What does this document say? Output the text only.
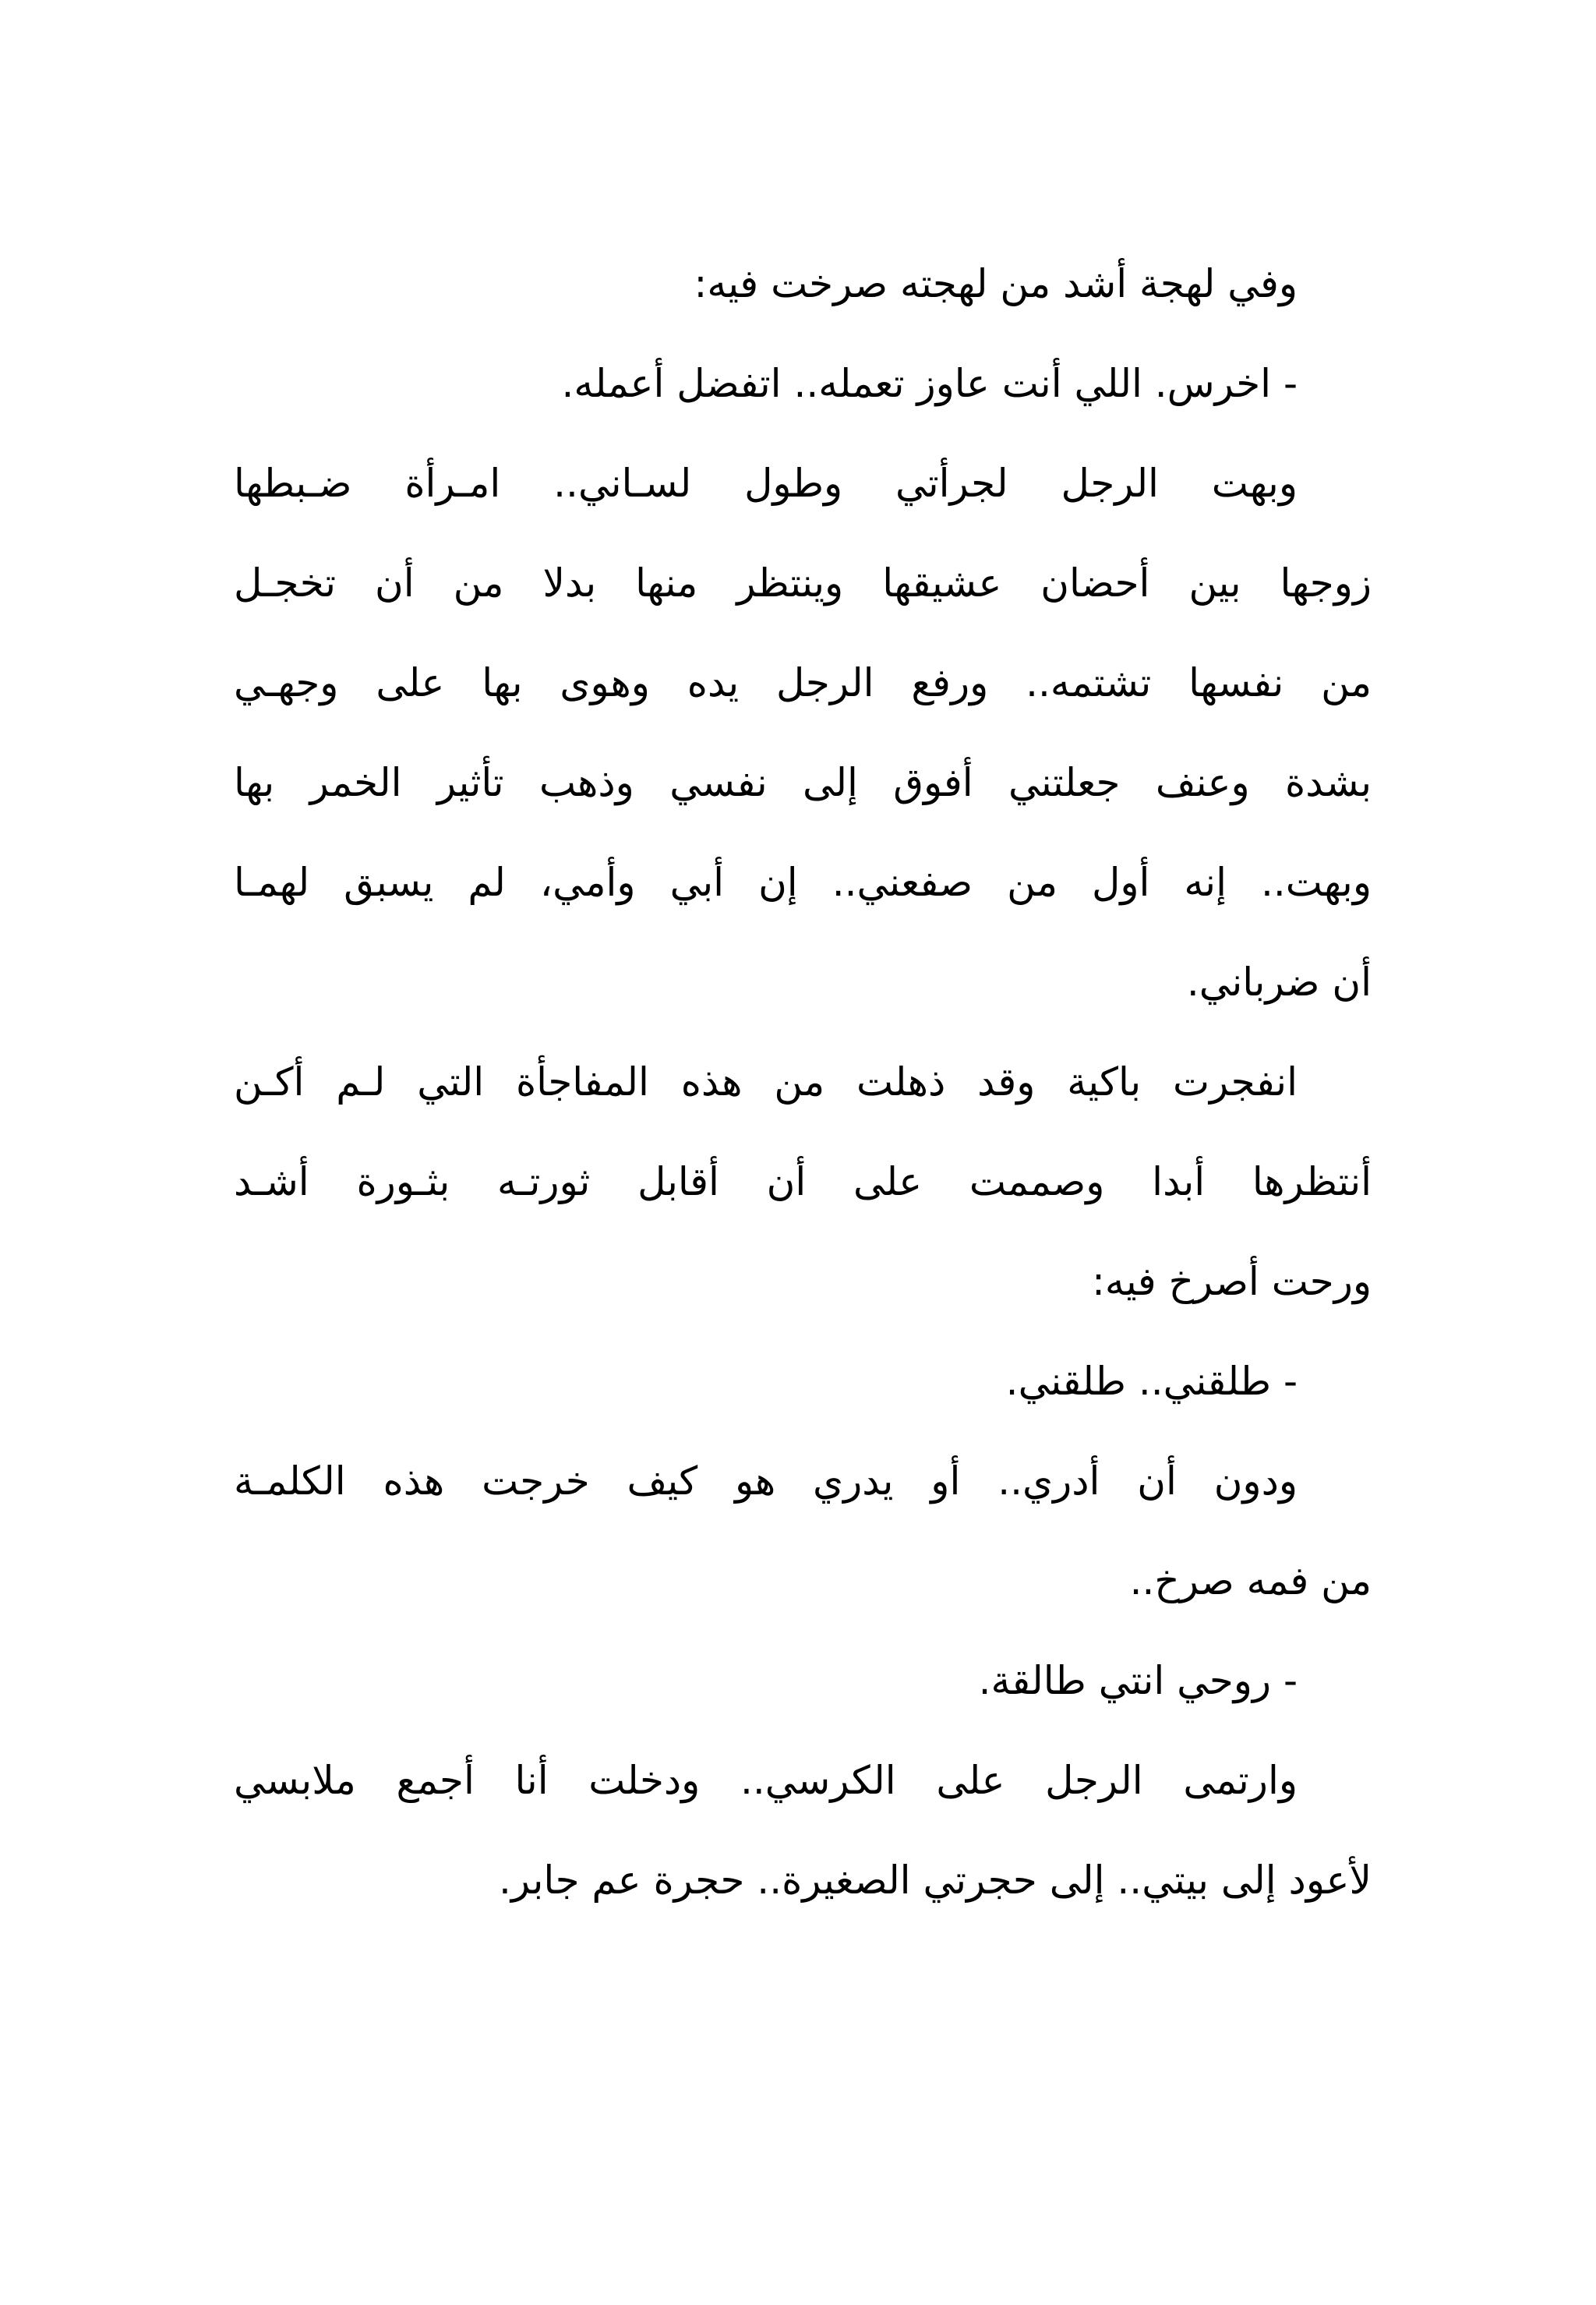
وفي لهجة أشد من لهجته صرخت فيه:
- اخرس. اللي أنت عاوز تعمله.. اتفضل أعمله.
وبهت الرجل لجرأتي وطول لسـاني.. امـرأة ضـبطها
زوجها بين أحضان عشيقها وينتظر منها بدلا من أن تخجـل
من نفسها تشتمه.. ورفع الرجل يده وهوى بها على وجهـي
بشدة وعنف جعلتني أفوق إلى نفسي وذهب تأثير الخمر بها
وبهت.. إنه أول من صفعني.. إن أبي وأمي، لم يسبق لهمـا
أن ضرباني.
انفجرت باكية وقد ذهلت من هذه المفاجأة التي لـم أكـن
أنتظرها أبدا وصممت على أن أقابل ثورتـه بثـورة أشـد
ورحت أصرخ فيه:
- طلقني.. طلقني.
ودون أن أدري.. أو يدري هو كيف خرجت هذه الكلمـة
من فمه صرخ..
- روحي انتي طالقة.
وارتمى الرجل على الكرسي.. ودخلت أنا أجمع ملابسي
لأعود إلى بيتي.. إلى حجرتي الصغيرة.. حجرة عم جابر.
